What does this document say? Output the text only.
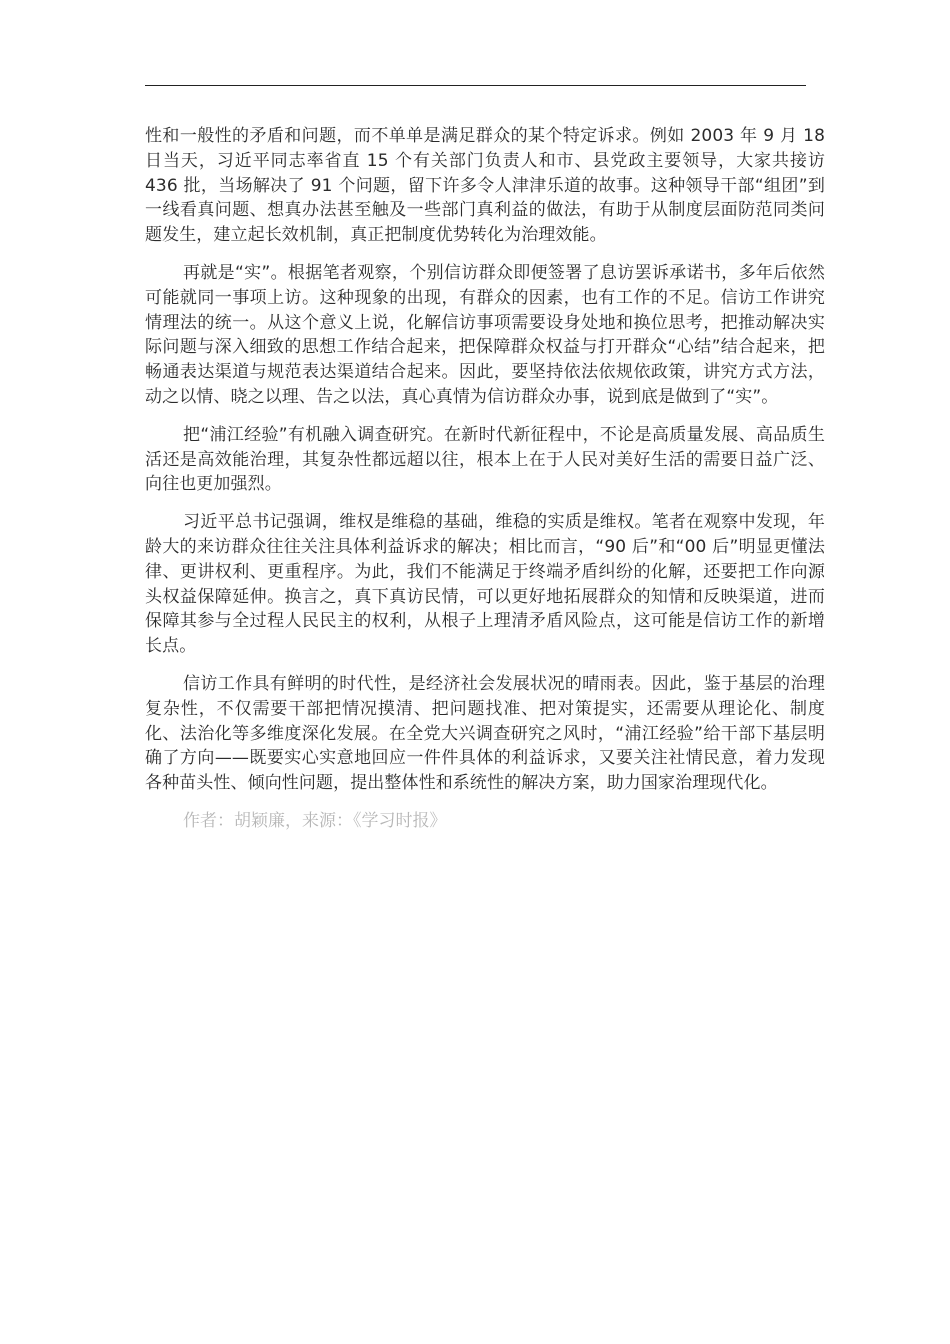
性和一般性的矛盾和问题，而不单单是满足群众的某个特定诉求。例如 2003 年 9 月 18 日当天，习近平同志率省直 15 个有关部门负责人和市、县党政主要领导，大家共接访 436 批，当场解决了 91 个问题，留下许多令人津津乐道的故事。这种领导干部“组团”到一线看真问题、想真办法甚至触及一些部门真利益的做法，有助于从制度层面防范同类问题发生，建立起长效机制，真正把制度优势转化为治理效能。

再就是“实”。根据笔者观察，个别信访群众即便签署了息访罢诉承诺书，多年后依然可能就同一事项上访。这种现象的出现，有群众的因素，也有工作的不足。信访工作讲究情理法的统一。从这个意义上说，化解信访事项需要设身处地和换位思考，把推动解决实际问题与深入细致的思想工作结合起来，把保障群众权益与打开群众“心结”结合起来，把畅通表达渠道与规范表达渠道结合起来。因此，要坚持依法依规依政策，讲究方式方法，动之以情、晓之以理、告之以法，真心真情为信访群众办事，说到底是做到了“实”。

把“浦江经验”有机融入调查研究。在新时代新征程中，不论是高质量发展、高品质生活还是高效能治理，其复杂性都远超以往，根本上在于人民对美好生活的需要日益广泛、向往也更加强烈。

习近平总书记强调，维权是维稳的基础，维稳的实质是维权。笔者在观察中发现，年龄大的来访群众往往关注具体利益诉求的解决；相比而言，“90 后”和“00 后”明显更懂法律、更讲权利、更重程序。为此，我们不能满足于终端矛盾纠纷的化解，还要把工作向源头权益保障延伸。换言之，真下真访民情，可以更好地拓展群众的知情和反映渠道，进而保障其参与全过程人民民主的权利，从根子上理清矛盾风险点，这可能是信访工作的新增长点。

信访工作具有鲜明的时代性，是经济社会发展状况的晴雨表。因此，鉴于基层的治理复杂性，不仅需要干部把情况摸清、把问题找准、把对策提实，还需要从理论化、制度化、法治化等多维度深化发展。在全党大兴调查研究之风时，“浦江经验”给干部下基层明确了方向——既要实心实意地回应一件件具体的利益诉求，又要关注社情民意，着力发现各种苗头性、倾向性问题，提出整体性和系统性的解决方案，助力国家治理现代化。

作者：胡颖廉，来源：《学习时报》
